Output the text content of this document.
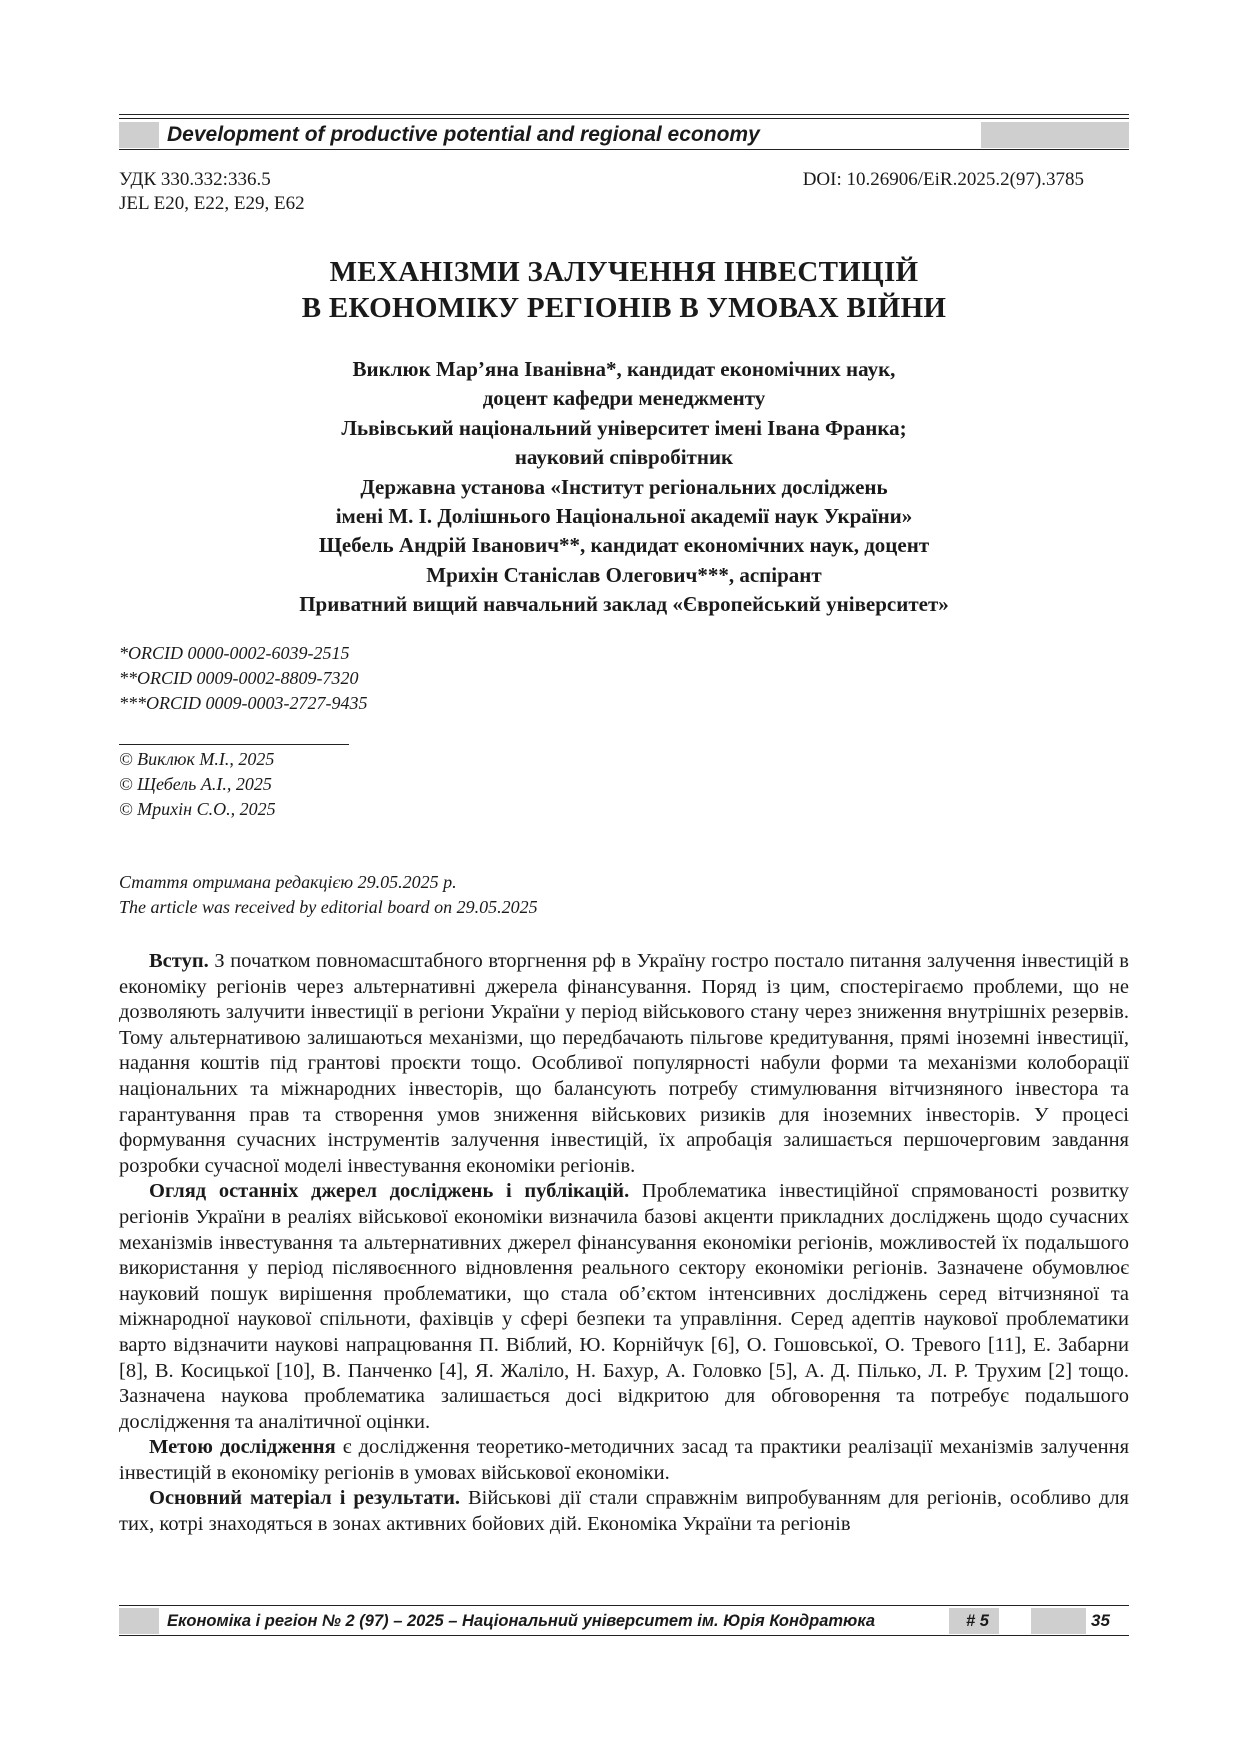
Development of productive potential and regional economy
УДК 330.332:336.5
JEL E20, E22, E29, E62
DOI: 10.26906/EiR.2025.2(97).3785
МЕХАНІЗМИ ЗАЛУЧЕННЯ ІНВЕСТИЦІЙ
В ЕКОНОМІКУ РЕГІОНІВ В УМОВАХ ВІЙНИ
Виклюк Мар’яна Іванівна*, кандидат економічних наук,
доцент кафедри менеджменту
Львівський національний університет імені Івана Франка;
науковий співробітник
Державна установа «Інститут регіональних досліджень
імені М. І. Долішнього Національної академії наук України»
Щебель Андрій Іванович**, кандидат економічних наук, доцент
Мрихін Станіслав Олегович***, аспірант
Приватний вищий навчальний заклад «Європейський університет»
*ORCID 0000-0002-6039-2515
**ORCID 0009-0002-8809-7320
***ORCID 0009-0003-2727-9435
© Виклюк М.І., 2025
© Щебель А.І., 2025
© Мрихін С.О., 2025
Стаття отримана редакцією 29.05.2025 р.
The article was received by editorial board on 29.05.2025

Вступ. З початком повномасштабного вторгнення рф в Україну гостро постало питання залучення інвестицій в економіку регіонів через альтернативні джерела фінансування. Поряд із цим, спостерігаємо проблеми, що не дозволяють залучити інвестиції в регіони України у період військового стану через зниження внутрішніх резервів. Тому альтернативою залишаються механізми, що передбачають пільгове кредитування, прямі іноземні інвестиції, надання коштів під грантові проєкти тощо. Особливої популярності набули форми та механізми колоборації національних та міжнародних інвесторів, що балансують потребу стимулювання вітчизняного інвестора та гарантування прав та створення умов зниження військових ризиків для іноземних інвесторів. У процесі формування сучасних інструментів залучення інвестицій, їх апробація залишається першочерговим завдання розробки сучасної моделі інвестування економіки регіонів.

Огляд останніх джерел досліджень і публікацій. Проблематика інвестиційної спрямованості розвитку регіонів України в реаліях військової економіки визначила базові акценти прикладних досліджень щодо сучасних механізмів інвестування та альтернативних джерел фінансування економіки регіонів, можливостей їх подальшого використання у період післявоєнного відновлення реального сектору економіки регіонів. Зазначене обумовлює науковий пошук вирішення проблематики, що стала об’єктом інтенсивних досліджень серед вітчизняної та міжнародної наукової спільноти, фахівців у сфері безпеки та управління. Серед адептів наукової проблематики варто відзначити наукові напрацювання П. Віблий, Ю. Корнійчук [6], О. Гошовської, О. Тревого [11], Е. Забарни [8], В. Косицької [10], В. Панченко [4], Я. Жаліло, Н. Бахур, А. Головко [5], А. Д. Пілько, Л. Р. Трухим [2] тощо. Зазначена наукова проблематика залишається досі відкритою для обговорення та потребує подальшого дослідження та аналітичної оцінки.

Метою дослідження є дослідження теоретико-методичних засад та практики реалізації механізмів залучення інвестицій в економіку регіонів в умовах військової економіки.

Основний матеріал і результати. Військові дії стали справжнім випробуванням для регіонів, особливо для тих, котрі знаходяться в зонах активних бойових дій. Економіка України та регіонів

Економіка і регіон № 2 (97) – 2025 – Національний університет ім. Юрія Кондратюка	# 5	35
